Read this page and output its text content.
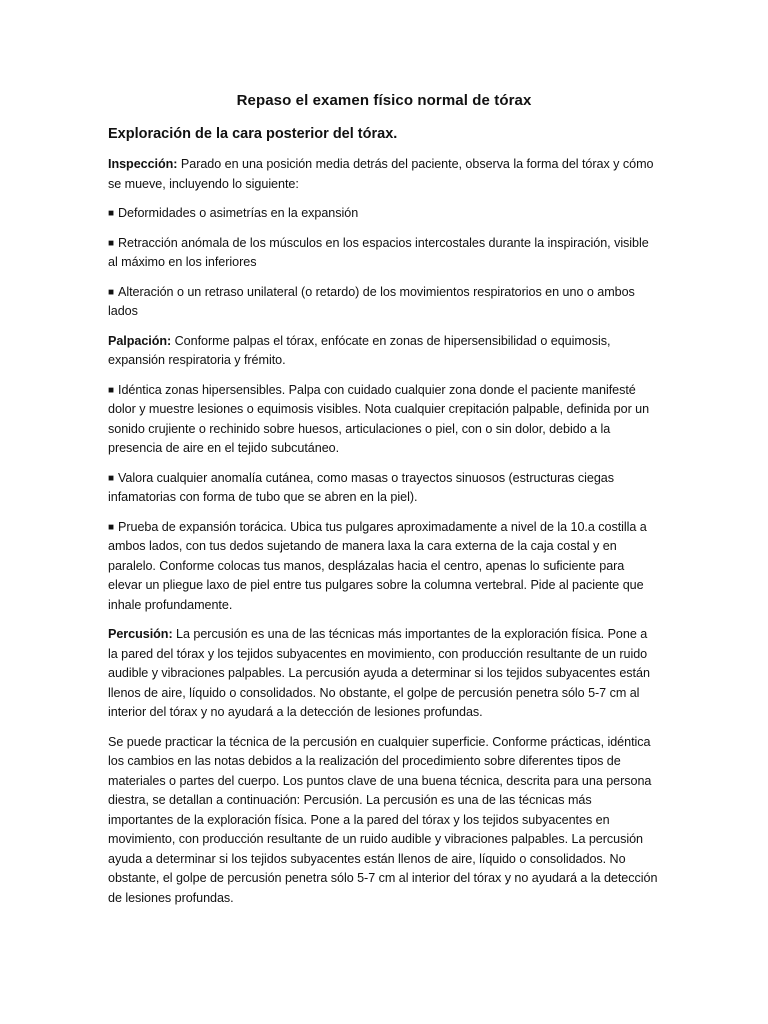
Repaso el examen físico normal de tórax
Exploración de la cara posterior del tórax.

Inspección: Parado en una posición media detrás del paciente, observa la forma del tórax y cómo se mueve, incluyendo lo siguiente:

■ Deformidades o asimetrías en la expansión

■ Retracción anómala de los músculos en los espacios intercostales durante la inspiración, visible al máximo en los inferiores

■ Alteración o un retraso unilateral (o retardo) de los movimientos respiratorios en uno o ambos lados

Palpación: Conforme palpas el tórax, enfócate en zonas de hipersensibilidad o equimosis, expansión respiratoria y frémito.

■ Idéntica zonas hipersensibles. Palpa con cuidado cualquier zona donde el paciente manifesté dolor y muestre lesiones o equimosis visibles. Nota cualquier crepitación palpable, definida por un sonido crujiente o rechinido sobre huesos, articulaciones o piel, con o sin dolor, debido a la presencia de aire en el tejido subcutáneo.

■ Valora cualquier anomalía cutánea, como masas o trayectos sinuosos (estructuras ciegas infamatorias con forma de tubo que se abren en la piel).

■ Prueba de expansión torácica. Ubica tus pulgares aproximadamente a nivel de la 10.a costilla a ambos lados, con tus dedos sujetando de manera laxa la cara externa de la caja costal y en paralelo. Conforme colocas tus manos, desplázalas hacia el centro, apenas lo suficiente para elevar un pliegue laxo de piel entre tus pulgares sobre la columna vertebral. Pide al paciente que inhale profundamente.

Percusión: La percusión es una de las técnicas más importantes de la exploración física. Pone a la pared del tórax y los tejidos subyacentes en movimiento, con producción resultante de un ruido audible y vibraciones palpables. La percusión ayuda a determinar si los tejidos subyacentes están llenos de aire, líquido o consolidados. No obstante, el golpe de percusión penetra sólo 5-7 cm al interior del tórax y no ayudará a la detección de lesiones profundas.

Se puede practicar la técnica de la percusión en cualquier superficie. Conforme prácticas, idéntica los cambios en las notas debidos a la realización del procedimiento sobre diferentes tipos de materiales o partes del cuerpo. Los puntos clave de una buena técnica, descrita para una persona diestra, se detallan a continuación: Percusión. La percusión es una de las técnicas más importantes de la exploración física. Pone a la pared del tórax y los tejidos subyacentes en movimiento, con producción resultante de un ruido audible y vibraciones palpables. La percusión ayuda a determinar si los tejidos subyacentes están llenos de aire, líquido o consolidados. No obstante, el golpe de percusión penetra sólo 5-7 cm al interior del tórax y no ayudará a la detección de lesiones profundas.
